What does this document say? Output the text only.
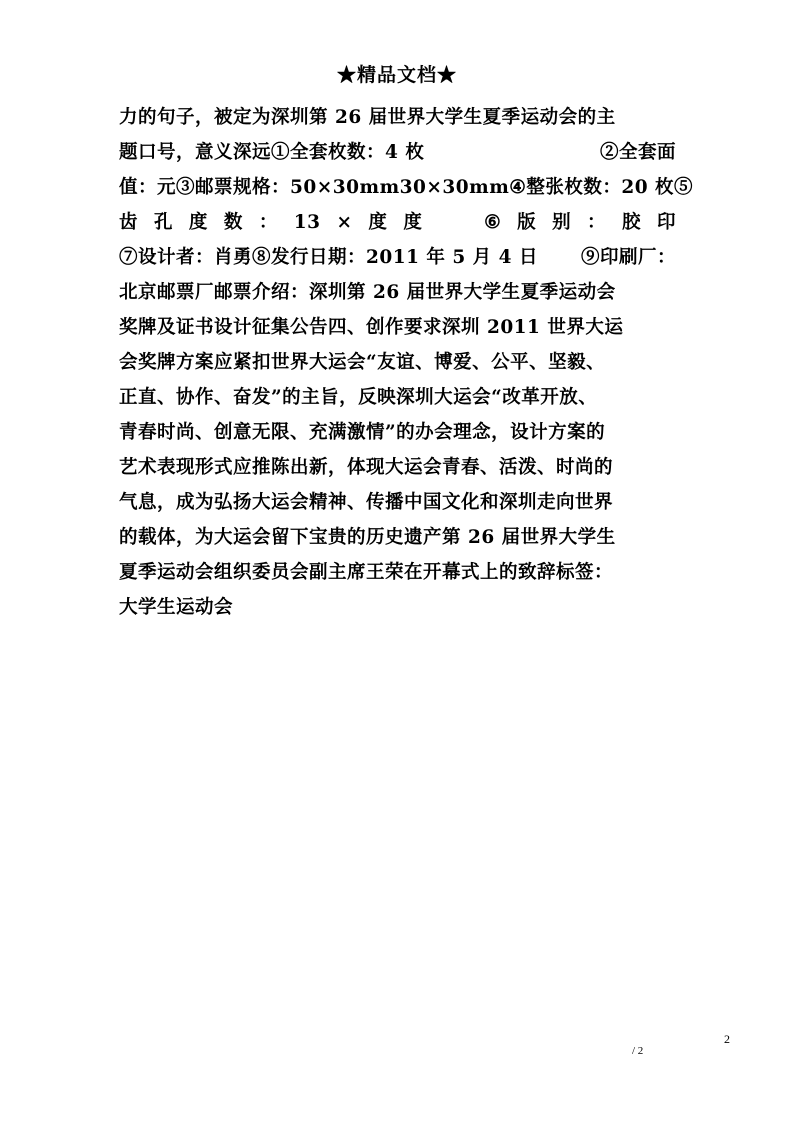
★精品文档★
力的句子，被定为深圳第 26 届世界大学生夏季运动会的主
题口号，意义深远①全套枚数：4 枚	②全套面
值：元③邮票规格：50×30mm30×30mm④整张枚数：20 枚⑤
齿 孔 度 数 ： 13 × 度 度

	⑥ 版 别 ： 胶 印
⑦设计者：肖勇⑧发行日期：2011 年 5 月 4 日 ⑨印刷厂：
北京邮票厂邮票介绍：深圳第 26 届世界大学生夏季运动会
奖牌及证书设计征集公告四、创作要求深圳 2011 世界大运
会奖牌方案应紧扣世界大运会“友谊、博爱、公平、坚毅、
正直、协作、奋发”的主旨，反映深圳大运会“改革开放、
青春时尚、创意无限、充满激情”的办会理念，设计方案的
艺术表现形式应推陈出新，体现大运会青春、活泼、时尚的
气息，成为弘扬大运会精神、传播中国文化和深圳走向世界
的载体，为大运会留下宝贵的历史遗产第 26 届世界大学生
夏季运动会组织委员会副主席王荣在开幕式上的致辞标签：
大学生运动会
2
/ 2
